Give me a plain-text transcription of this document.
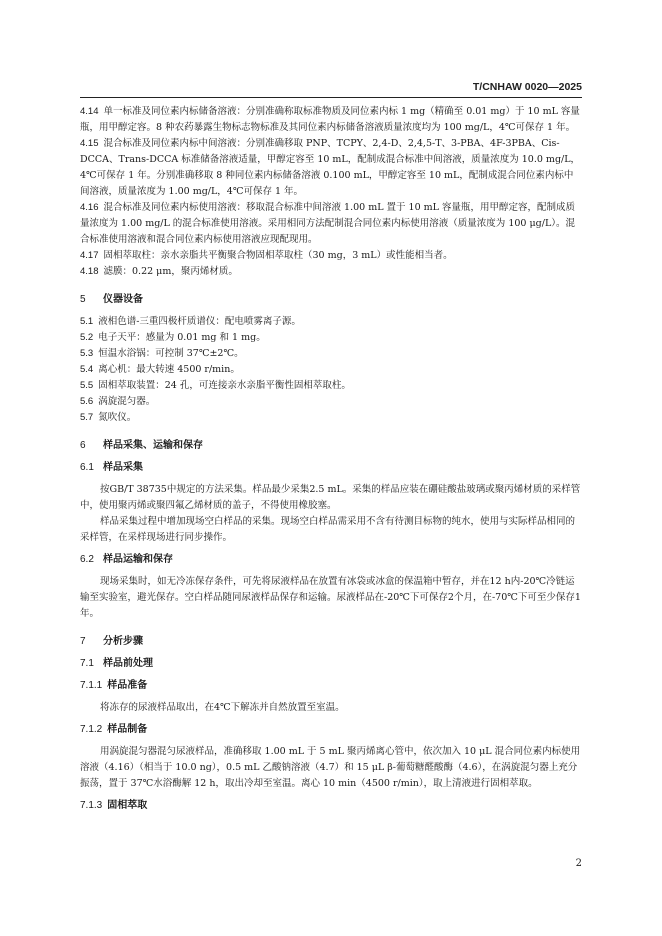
T/CNHAW 0020—2025

4.14 单一标准及同位素内标储备溶液：分别准确称取标准物质及同位素内标 1 mg（精确至 0.01 mg）于 10 mL 容量瓶，用甲醇定容。8 种农药暴露生物标志物标准及其同位素内标储备溶液质量浓度均为 100 mg/L，4℃可保存 1 年。

4.15 混合标准及同位素内标中间溶液：分别准确移取 PNP、TCPY、2,4-D、2,4,5-T、3-PBA、4F-3PBA、Cis-DCCA、Trans-DCCA 标准储备溶液适量，甲醇定容至 10 mL，配制成混合标准中间溶液，质量浓度为 10.0 mg/L，4℃可保存 1 年。分别准确移取 8 种同位素内标储备溶液 0.100 mL，甲醇定容至 10 mL，配制成混合同位素内标中间溶液，质量浓度为 1.00 mg/L，4℃可保存 1 年。

4.16 混合标准及同位素内标使用溶液：移取混合标准中间溶液 1.00 mL 置于 10 mL 容量瓶，用甲醇定容，配制成质量浓度为 1.00 mg/L 的混合标准使用溶液。采用相同方法配制混合同位素内标使用溶液（质量浓度为 100 μg/L）。混合标准使用溶液和混合同位素内标使用溶液应现配现用。

4.17 固相萃取柱：亲水亲脂共平衡聚合物固相萃取柱（30 mg，3 mL）或性能相当者。

4.18 滤膜：0.22 μm，聚丙烯材质。

5 仪器设备

5.1 液相色谱-三重四极杆质谱仪：配电喷雾离子源。

5.2 电子天平：感量为 0.01 mg 和 1 mg。

5.3 恒温水浴锅：可控制 37℃±2℃。

5.4 离心机：最大转速 4500 r/min。

5.5 固相萃取装置：24 孔，可连接亲水亲脂平衡性固相萃取柱。

5.6 涡旋混匀器。

5.7 氮吹仪。

6 样品采集、运输和保存

6.1 样品采集

按GB/T 38735中规定的方法采集。样品最少采集2.5 mL。采集的样品应装在硼硅酸盐玻璃或聚丙烯材质的采样管中，使用聚丙烯或聚四氟乙烯材质的盖子，不得使用橡胶塞。

样品采集过程中增加现场空白样品的采集。现场空白样品需采用不含有待测目标物的纯水，使用与实际样品相同的采样管，在采样现场进行同步操作。

6.2 样品运输和保存

现场采集时，如无冷冻保存条件，可先将尿液样品在放置有冰袋或冰盒的保温箱中暂存，并在12 h内-20℃冷链运输至实验室，避光保存。空白样品随同尿液样品保存和运输。尿液样品在-20℃下可保存2个月，在-70℃下可至少保存1年。

7 分析步骤

7.1 样品前处理

7.1.1 样品准备

将冻存的尿液样品取出，在4℃下解冻并自然放置至室温。

7.1.2 样品制备

用涡旋混匀器混匀尿液样品，准确移取 1.00 mL 于 5 mL 聚丙烯离心管中，依次加入 10 μL 混合同位素内标使用溶液（4.16）（相当于 10.0 ng），0.5 mL 乙酸钠溶液（4.7）和 15 μL β-葡萄糖醛酸酶（4.6），在涡旋混匀器上充分振荡，置于 37℃水浴酶解 12 h，取出冷却至室温。离心 10 min（4500 r/min），取上清液进行固相萃取。

7.1.3 固相萃取

2
